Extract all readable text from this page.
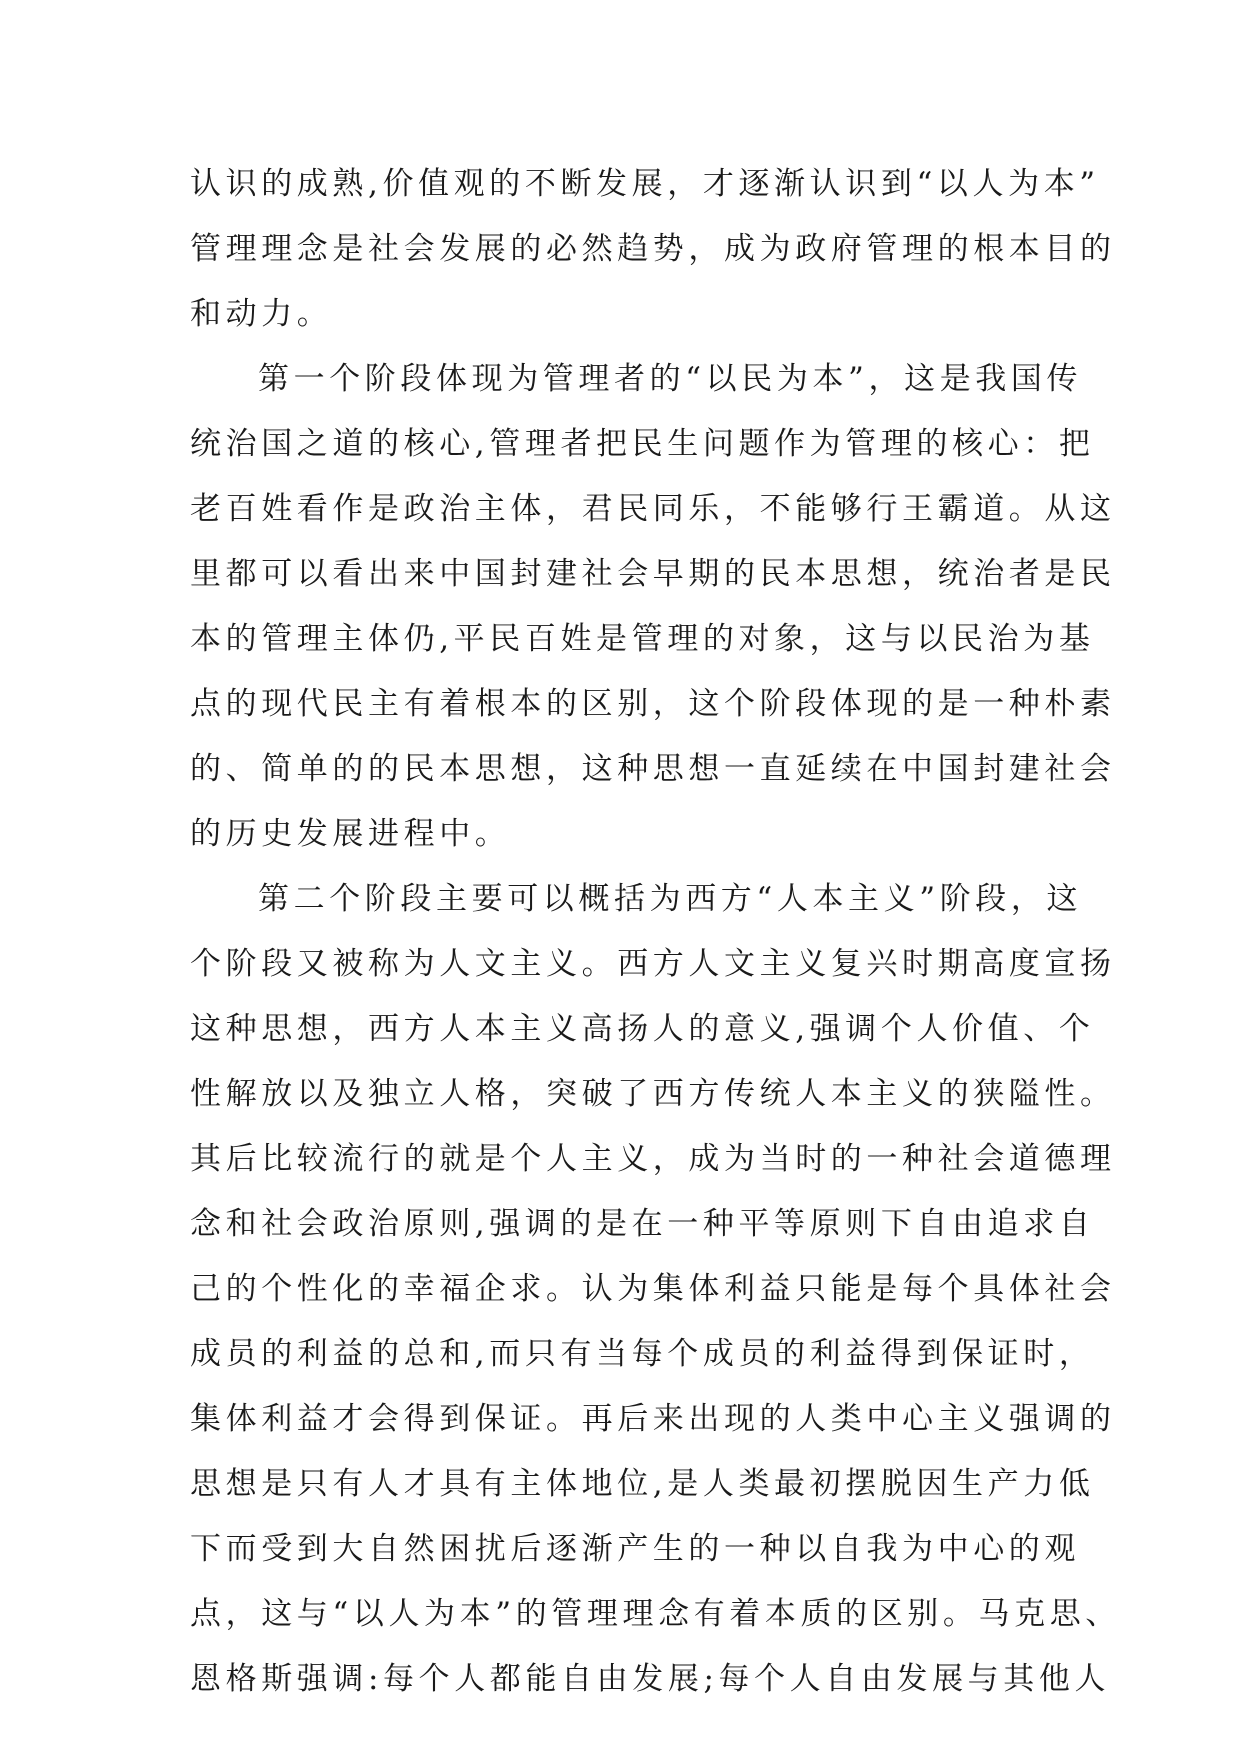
认识的成熟,价值观的不断发展，才逐渐认识到“以人为本”
管理理念是社会发展的必然趋势，成为政府管理的根本目的
和动力。
第一个阶段体现为管理者的“以民为本”，这是我国传
统治国之道的核心,管理者把民生问题作为管理的核心：把
老百姓看作是政治主体，君民同乐，不能够行王霸道。从这
里都可以看出来中国封建社会早期的民本思想，统治者是民
本的管理主体仍,平民百姓是管理的对象，这与以民治为基
点的现代民主有着根本的区别，这个阶段体现的是一种朴素
的、简单的的民本思想，这种思想一直延续在中国封建社会
的历史发展进程中。
第二个阶段主要可以概括为西方“人本主义”阶段，这
个阶段又被称为人文主义。西方人文主义复兴时期高度宣扬
这种思想，西方人本主义高扬人的意义,强调个人价值、个
性解放以及独立人格，突破了西方传统人本主义的狭隘性。
其后比较流行的就是个人主义，成为当时的一种社会道德理
念和社会政治原则,强调的是在一种平等原则下自由追求自
己的个性化的幸福企求。认为集体利益只能是每个具体社会
成员的利益的总和,而只有当每个成员的利益得到保证时，
集体利益才会得到保证。再后来出现的人类中心主义强调的
思想是只有人才具有主体地位,是人类最初摆脱因生产力低
下而受到大自然困扰后逐渐产生的一种以自我为中心的观
点，这与“以人为本”的管理理念有着本质的区别。马克思、
恩格斯强调:每个人都能自由发展;每个人自由发展与其他人
